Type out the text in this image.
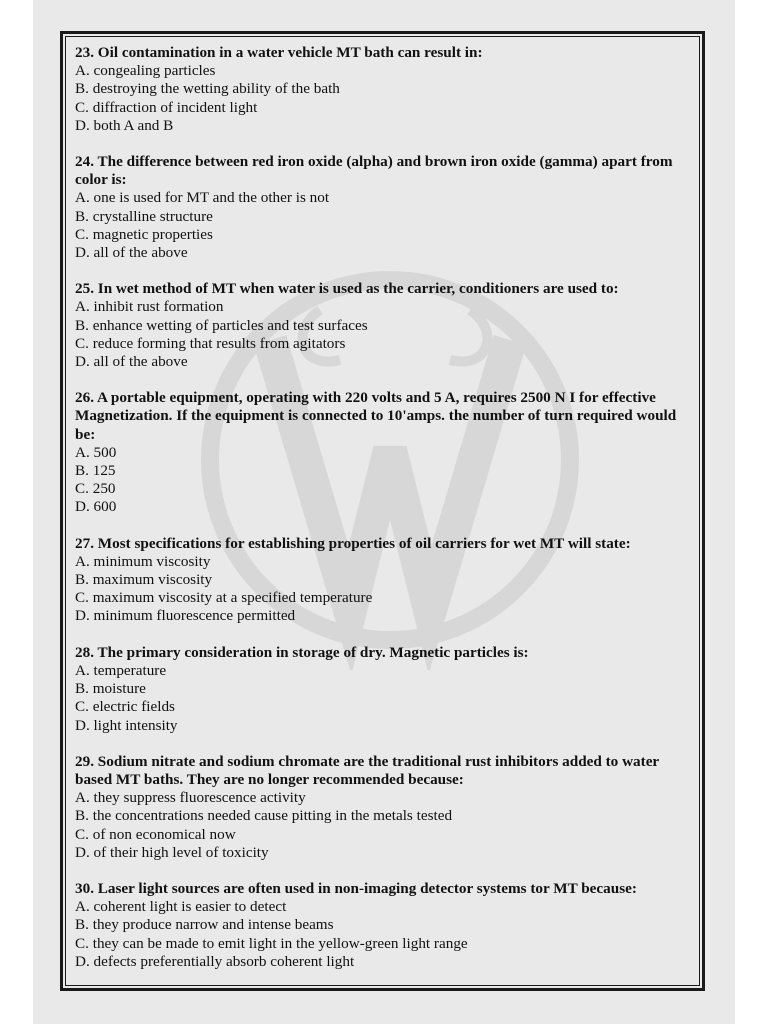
23. Oil contamination in a water vehicle MT bath can result in:

A. congealing particles

B. destroying the wetting ability of the bath

C. diffraction of incident light

D. both A and B

24. The difference between red iron oxide (alpha) and brown iron oxide (gamma) apart from color is:

A. one is used for MT and the other is not

B. crystalline structure

C. magnetic properties

D. all of the above

25. In wet method of MT when water is used as the carrier, conditioners are used to:

A. inhibit rust formation

B. enhance wetting of particles and test surfaces

C. reduce forming that results from agitators

D. all of the above

26. A portable equipment, operating with 220 volts and 5 A, requires 2500 N I for effective Magnetization. If the equipment is connected to 10'amps. the number of turn required would be:

A. 500

B. 125

C. 250

D. 600

27. Most specifications for establishing properties of oil carriers for wet MT will state:

A. minimum viscosity

B. maximum viscosity

C. maximum viscosity at a specified temperature

D. minimum fluorescence permitted

28. The primary consideration in storage of dry. Magnetic particles is:

A. temperature

B. moisture

C. electric fields

D. light intensity

29. Sodium nitrate and sodium chromate are the traditional rust inhibitors added to water based MT baths. They are no longer recommended because:

A. they suppress fluorescence activity

B. the concentrations needed cause pitting in the metals tested

C. of non economical now

D. of their high level of toxicity

30. Laser light sources are often used in non-imaging detector systems tor MT because:

A. coherent light is easier to detect

B. they produce narrow and intense beams

C. they can be made to emit light in the yellow-green light range

D. defects preferentially absorb coherent light
